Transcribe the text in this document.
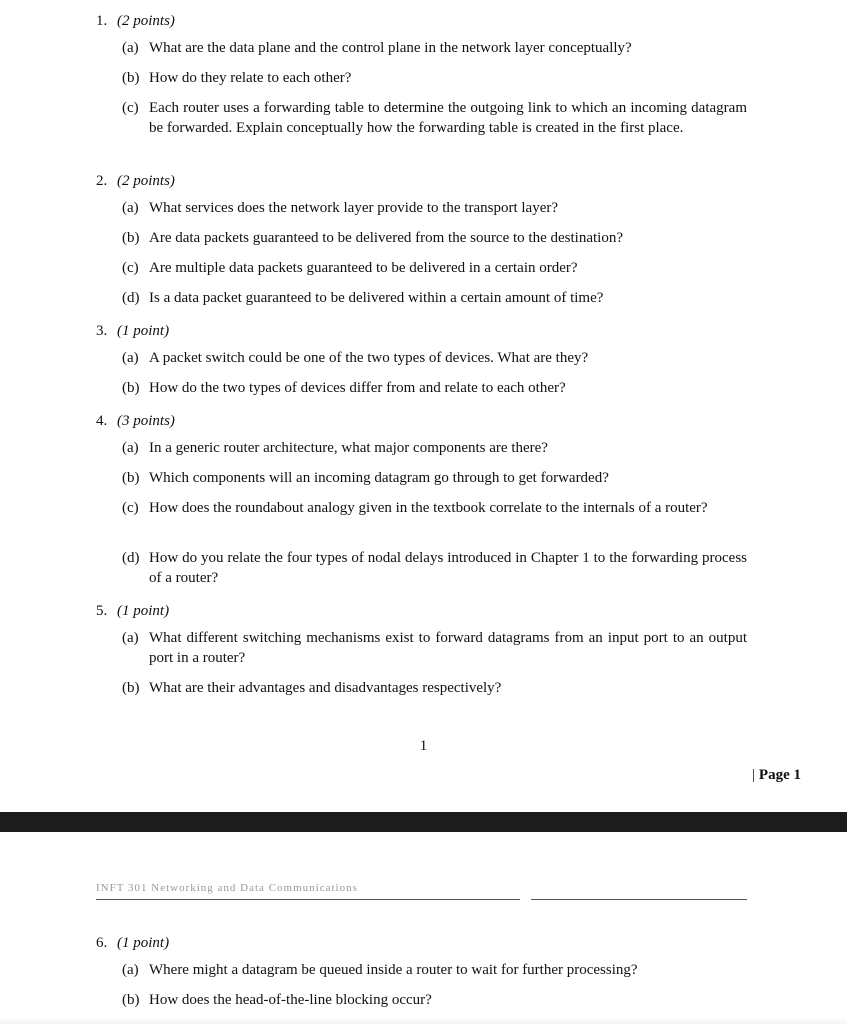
1. (2 points)
(a) What are the data plane and the control plane in the network layer conceptually?
(b) How do they relate to each other?
(c) Each router uses a forwarding table to determine the outgoing link to which an incoming datagram be forwarded. Explain conceptually how the forwarding table is created in the first place.
2. (2 points)
(a) What services does the network layer provide to the transport layer?
(b) Are data packets guaranteed to be delivered from the source to the destination?
(c) Are multiple data packets guaranteed to be delivered in a certain order?
(d) Is a data packet guaranteed to be delivered within a certain amount of time?
3. (1 point)
(a) A packet switch could be one of the two types of devices. What are they?
(b) How do the two types of devices differ from and relate to each other?
4. (3 points)
(a) In a generic router architecture, what major components are there?
(b) Which components will an incoming datagram go through to get forwarded?
(c) How does the roundabout analogy given in the textbook correlate to the internals of a router?
(d) How do you relate the four types of nodal delays introduced in Chapter 1 to the forwarding process of a router?
5. (1 point)
(a) What different switching mechanisms exist to forward datagrams from an input port to an output port in a router?
(b) What are their advantages and disadvantages respectively?
1
| Page 1
INFT 301 Networking and Data Communications
6. (1 point)
(a) Where might a datagram be queued inside a router to wait for further processing?
(b) How does the head-of-the-line blocking occur?
